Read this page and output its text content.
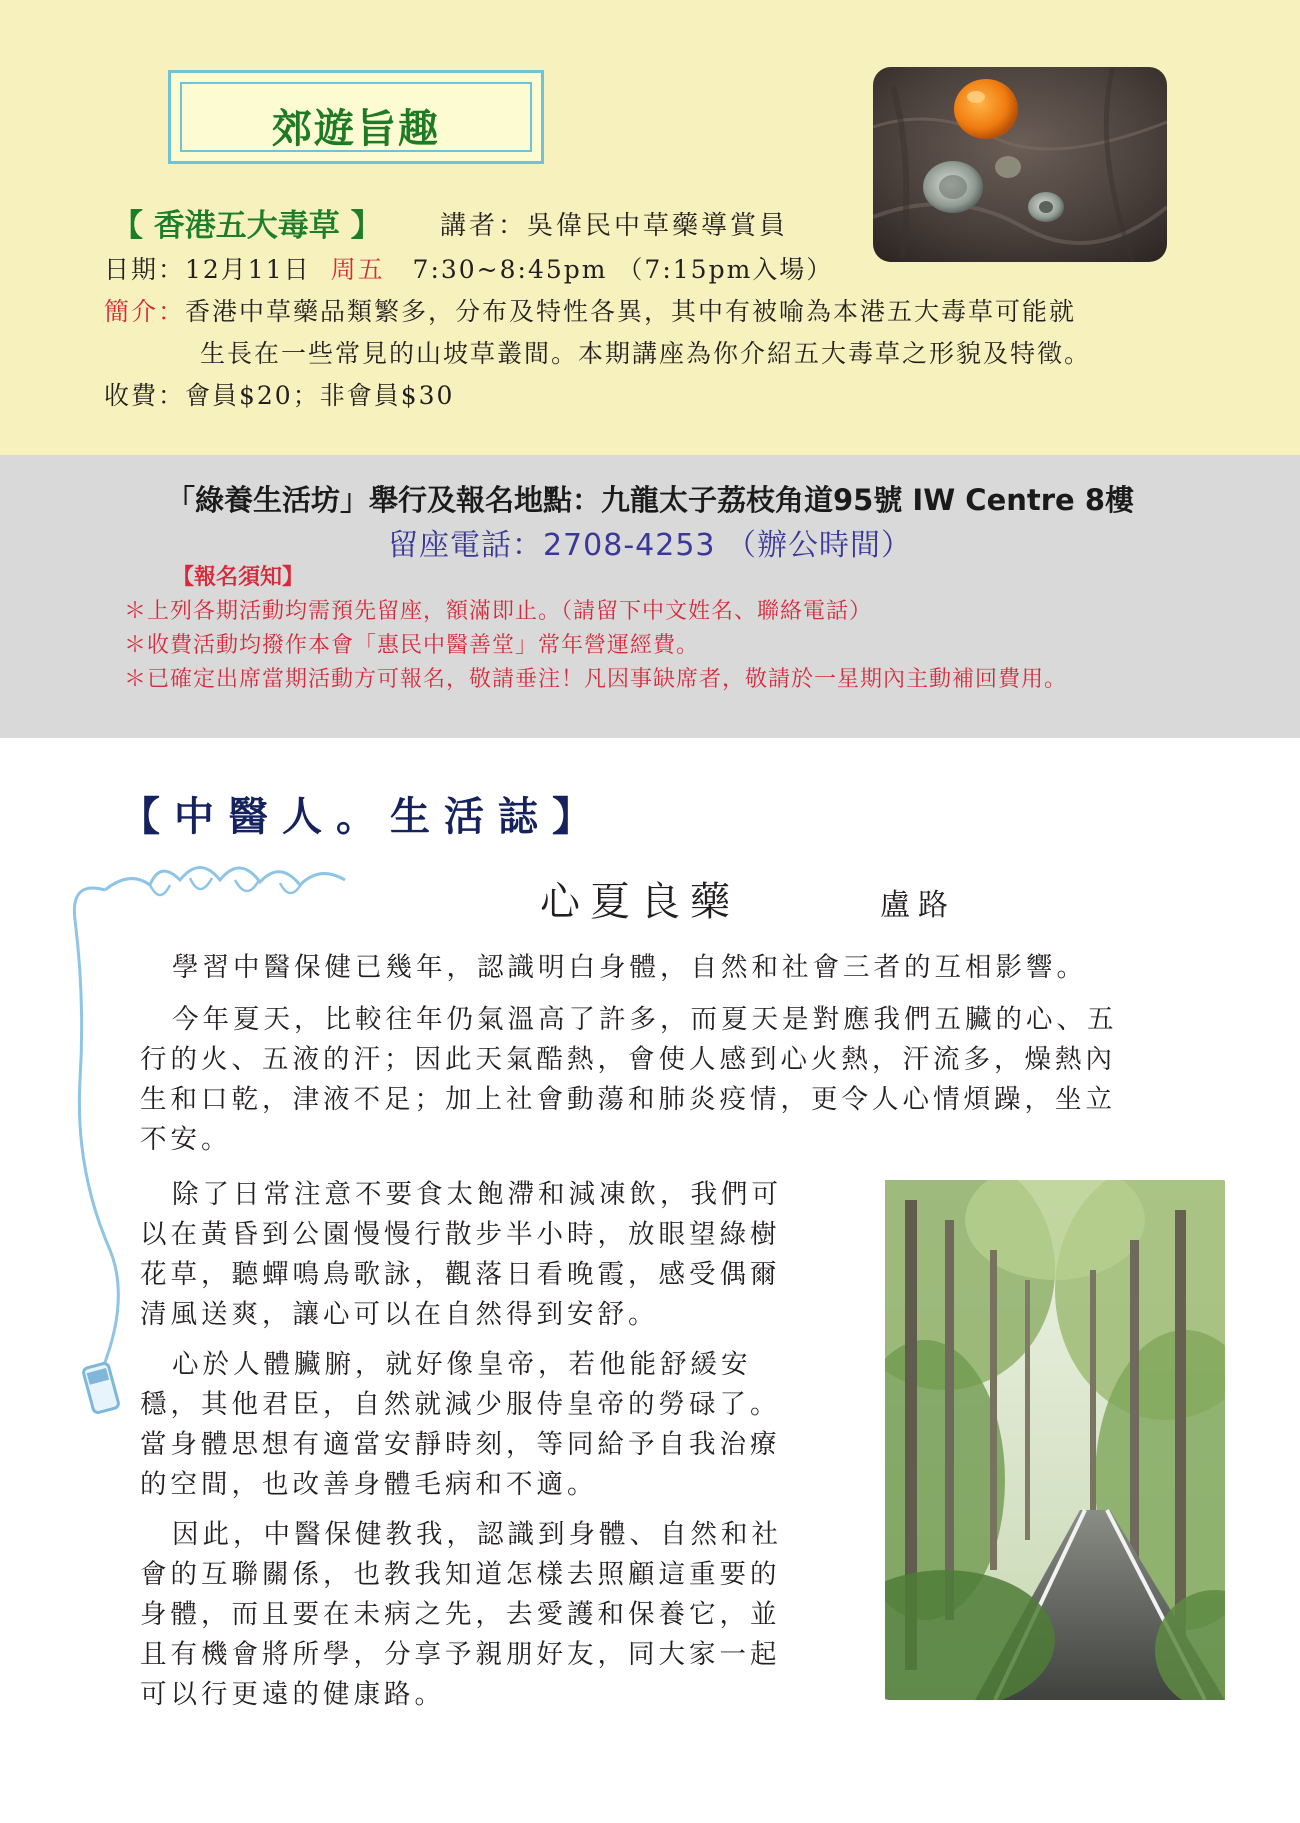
郊遊旨趣
【 香港五大毒草 】 講者：吳偉民中草藥導賞員
日期：12月11日 周五 7:30~8:45pm （7:15pm入場）
簡介：香港中草藥品類繁多，分布及特性各異，其中有被喻為本港五大毒草可能就
生長在一些常見的山坡草叢間。本期講座為你介紹五大毒草之形貌及特徵。
收費：會員$20；非會員$30
「綠養生活坊」舉行及報名地點：九龍太子荔枝角道95號 IW Centre 8樓
留座電話：2708-4253 （辦公時間）
【報名須知】
＊上列各期活動均需預先留座，額滿即止。（請留下中文姓名、聯絡電話）
＊收費活動均撥作本會「惠民中醫善堂」常年營運經費。
＊已確定出席當期活動方可報名，敬請垂注！凡因事缺席者，敬請於一星期內主動補回費用。
【中醫人。生活誌】
心夏良藥	盧路
學習中醫保健已幾年，認識明白身體，自然和社會三者的互相影響。
今年夏天，比較往年仍氣溫高了許多，而夏天是對應我們五臟的心、五
行的火、五液的汗；因此天氣酷熱，會使人感到心火熱，汗流多，燥熱內
生和口乾，津液不足；加上社會動蕩和肺炎疫情，更令人心情煩躁，坐立
不安。
除了日常注意不要食太飽滯和減凍飲，我們可
以在黃昏到公園慢慢行散步半小時，放眼望綠樹
花草，聽蟬鳴鳥歌詠，觀落日看晚霞，感受偶爾
清風送爽，讓心可以在自然得到安舒。
心於人體臟腑，就好像皇帝，若他能舒緩安
穩，其他君臣，自然就減少服侍皇帝的勞碌了。
當身體思想有適當安靜時刻，等同給予自我治療
的空間，也改善身體毛病和不適。
因此，中醫保健教我，認識到身體、自然和社
會的互聯關係，也教我知道怎樣去照顧這重要的
身體，而且要在未病之先，去愛護和保養它，並
且有機會將所學，分享予親朋好友，同大家一起
可以行更遠的健康路。
